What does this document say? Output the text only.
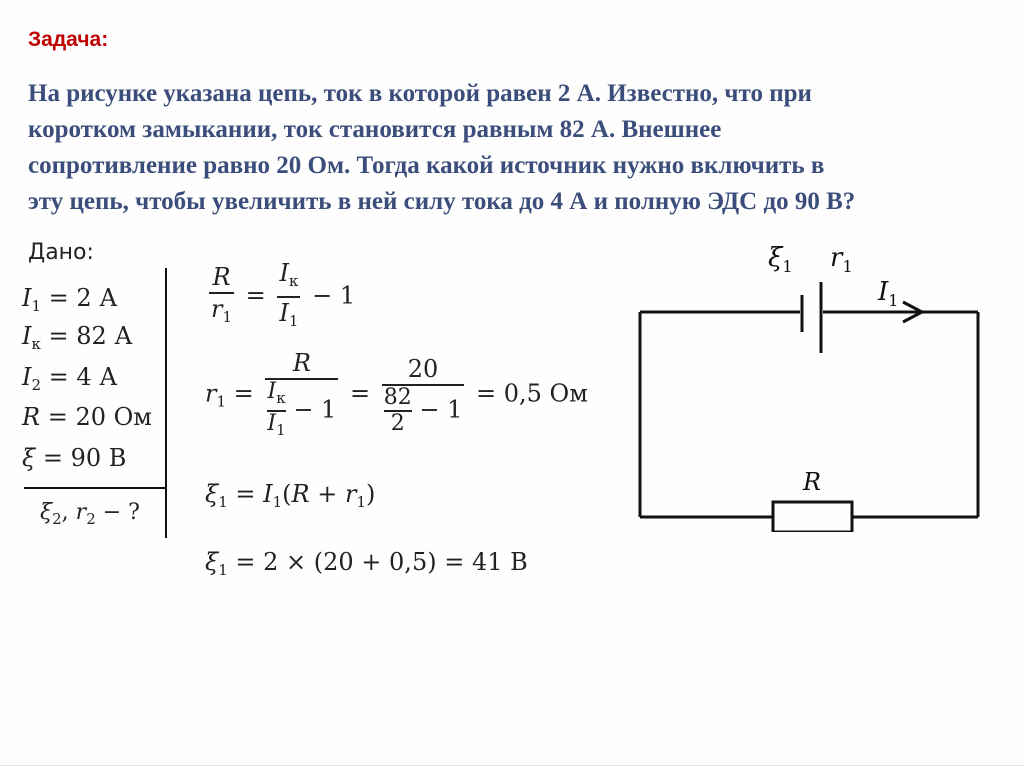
Задача:
На рисунке указана цепь, ток в которой равен 2 А. Известно, что при
коротком замыкании, ток становится равным 82 А. Внешнее
сопротивление равно 20 Ом. Тогда какой источник нужно включить в
эту цепь, чтобы увеличить в ней силу тока до 4 А и полную ЭДС до 90 В?
Дано:
$I_1 = 2$ А
$I_к = 82$ А
$I_2 = 4$ А
R = 20 Ом
ξ = 90 В
$\xi_2$, $r_2$ − ?
$\frac{R}{r_1} = \frac{I_к}{I_1} - 1$
$r_1 = R$
$I_к$
$I_1$
− $1 = \frac{20}{\frac{82}{2} - 1} = 0,5$ Ом
$\xi_1 = I_1(R + r_1)$
$\xi_1 = 2 \times (20 + 0,5) = 41$ В
$\xi_1$ $r_1$
$I_1$
R
